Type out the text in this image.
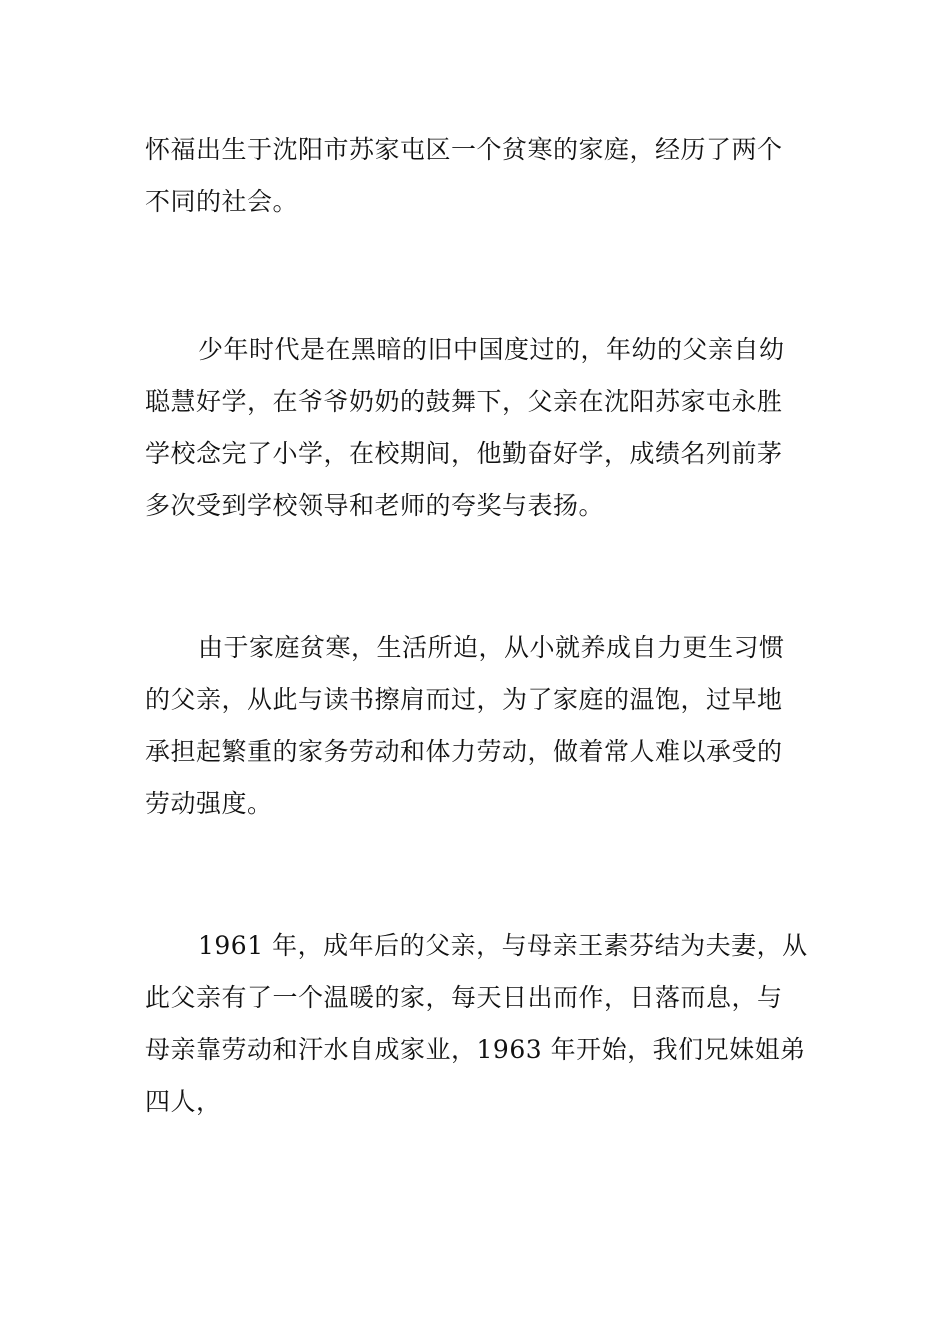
怀福出生于沈阳市苏家屯区一个贫寒的家庭，经历了两个
不同的社会。
少年时代是在黑暗的旧中国度过的，年幼的父亲自幼
聪慧好学，在爷爷奶奶的鼓舞下，父亲在沈阳苏家屯永胜
学校念完了小学，在校期间，他勤奋好学，成绩名列前茅
多次受到学校领导和老师的夸奖与表扬。
由于家庭贫寒，生活所迫，从小就养成自力更生习惯
的父亲，从此与读书擦肩而过，为了家庭的温饱，过早地
承担起繁重的家务劳动和体力劳动，做着常人难以承受的
劳动强度。
1961 年，成年后的父亲，与母亲王素芬结为夫妻，从
此父亲有了一个温暖的家，每天日出而作，日落而息，与
母亲靠劳动和汗水自成家业，1963 年开始，我们兄妹姐弟
四人，
